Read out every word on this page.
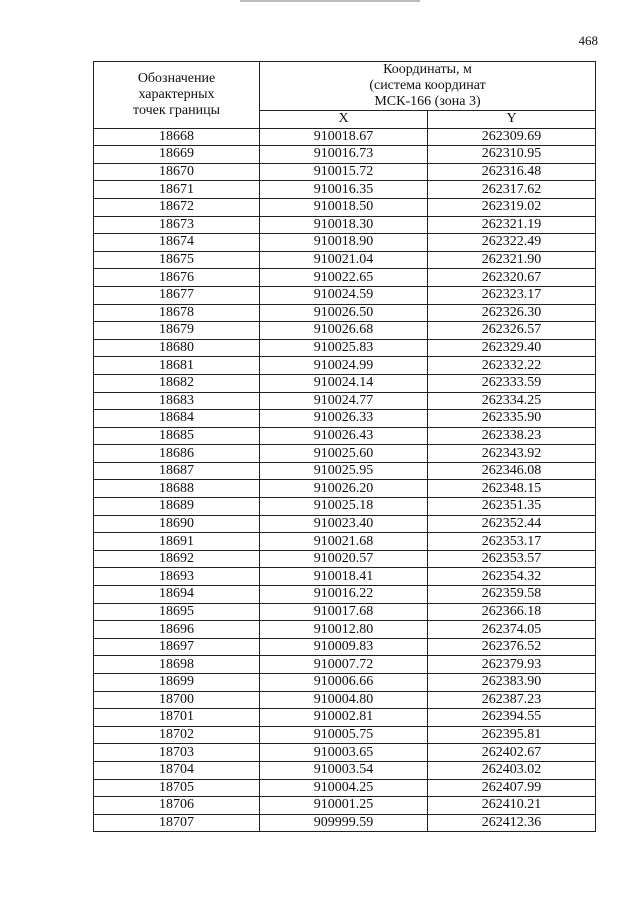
468
Обозначение
характерных
точек границы	Координаты, м
(система координат
МСК-166 (зона 3)	
	X	Y
18668	910018.67	262309.69
18669	910016.73	262310.95
18670	910015.72	262316.48
18671	910016.35	262317.62
18672	910018.50	262319.02
18673	910018.30	262321.19
18674	910018.90	262322.49
18675	910021.04	262321.90
18676	910022.65	262320.67
18677	910024.59	262323.17
18678	910026.50	262326.30
18679	910026.68	262326.57
18680	910025.83	262329.40
18681	910024.99	262332.22
18682	910024.14	262333.59
18683	910024.77	262334.25
18684	910026.33	262335.90
18685	910026.43	262338.23
18686	910025.60	262343.92
18687	910025.95	262346.08
18688	910026.20	262348.15
18689	910025.18	262351.35
18690	910023.40	262352.44
18691	910021.68	262353.17
18692	910020.57	262353.57
18693	910018.41	262354.32
18694	910016.22	262359.58
18695	910017.68	262366.18
18696	910012.80	262374.05
18697	910009.83	262376.52
18698	910007.72	262379.93
18699	910006.66	262383.90
18700	910004.80	262387.23
18701	910002.81	262394.55
18702	910005.75	262395.81
18703	910003.65	262402.67
18704	910003.54	262403.02
18705	910004.25	262407.99
18706	910001.25	262410.21
18707	909999.59	262412.36
